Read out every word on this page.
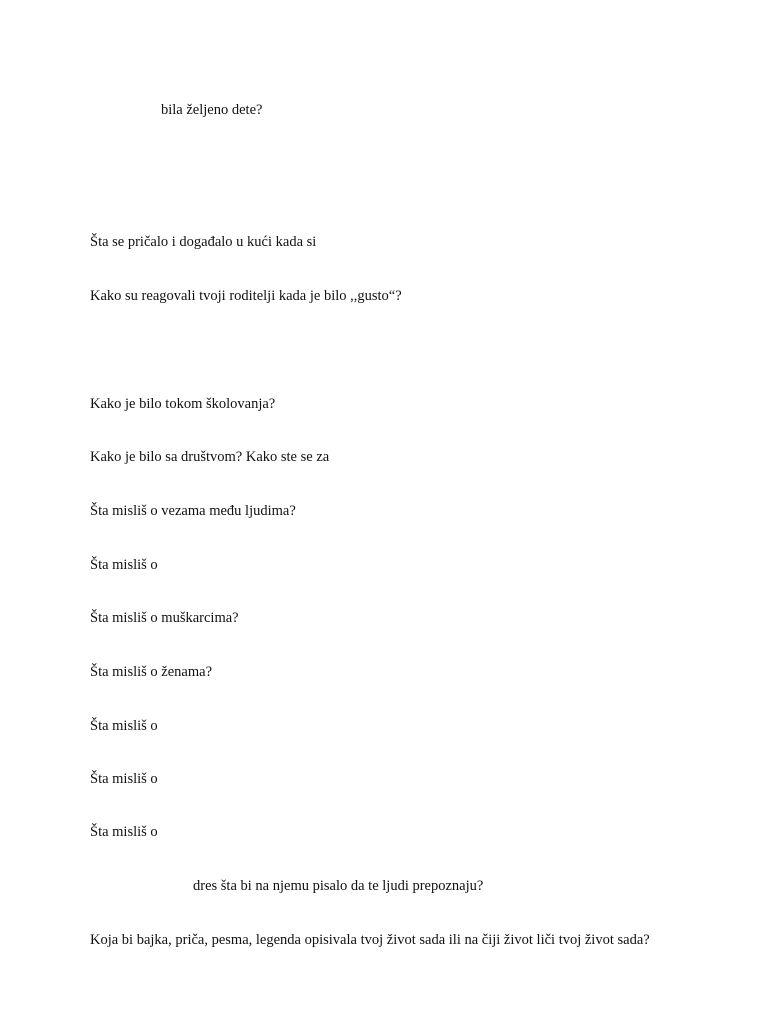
bila željeno dete?
Šta se pričalo i događalo u kući kada si
Kako su reagovali tvoji roditelji kada je bilo ,,gusto“?
Kako je bilo tokom školovanja?
Kako je bilo sa društvom? Kako ste se za
Šta misliš o vezama među ljudima?
Šta misliš o
Šta misliš o muškarcima?
Šta misliš o ženama?
Šta misliš o
Šta misliš o
Šta misliš o
dres šta bi na njemu pisalo da te ljudi prepoznaju?
Koja bi bajka, priča, pesma, legenda opisivala tvoj život sada ili na čiji život liči tvoj život sada?
